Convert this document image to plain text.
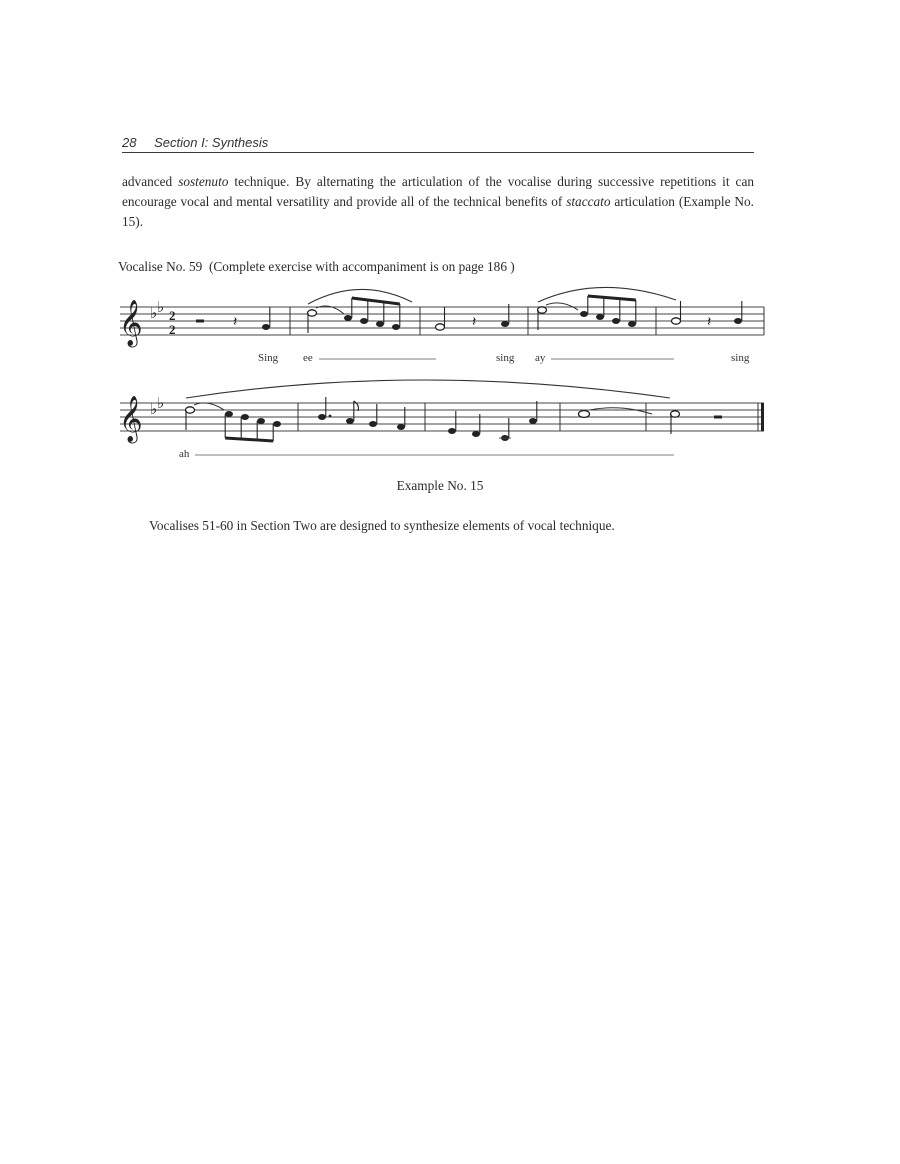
28 Section I: Synthesis
advanced sostenuto technique. By alternating the articulation of the vocalise during successive repetitions it can encourage vocal and mental versatility and provide all of the technical benefits of staccato articulation (Example No. 15).
Vocalise No. 59 (Complete exercise with accompaniment is on page 186 )
𝄞 ♭ ♭ 2
2	𝄽	𝄽	𝄽
Sing ee	sing ay	sing
𝄞 ♭ ♭
ah
Example No. 15
Vocalises 51-60 in Section Two are designed to synthesize elements of vocal technique.
